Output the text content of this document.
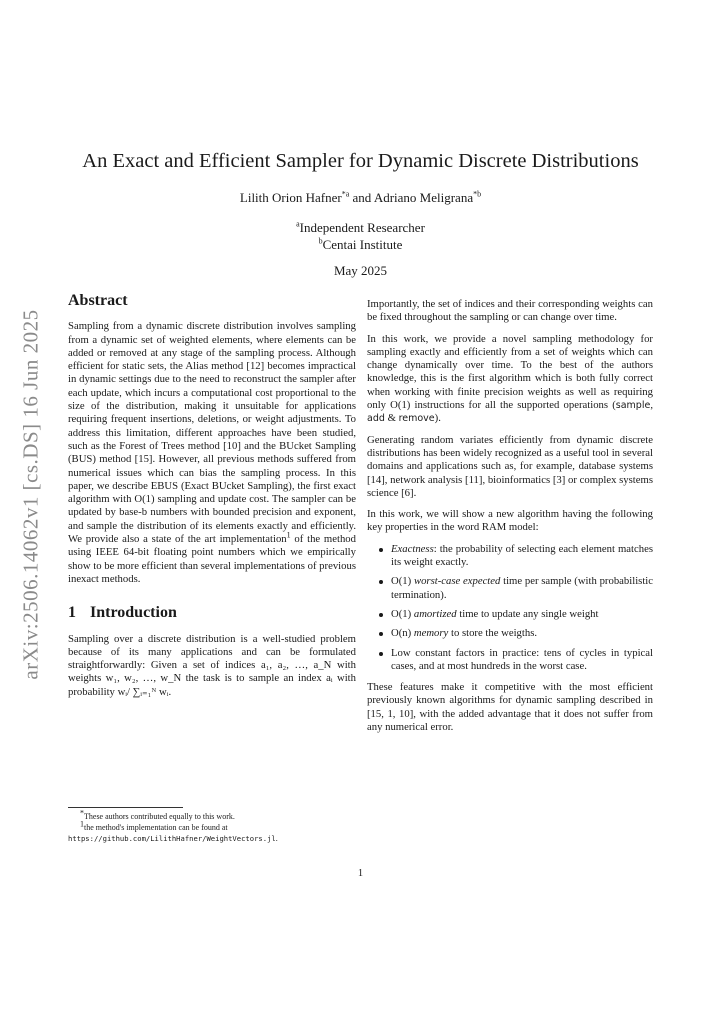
arXiv:2506.14062v1 [cs.DS] 16 Jun 2025
An Exact and Efficient Sampler for Dynamic Discrete Distributions
Lilith Orion Hafner$^{*a}$ and Adriano Meligrana$^{*b}$
$^a$Independent Researcher
$^b$Centai Institute
May 2025
Abstract

Sampling from a dynamic discrete distribution involves sampling from a dynamic set of weighted elements, where elements can be added or removed at any stage of the sampling process. Although efficient for static sets, the Alias method [12] becomes impractical in dynamic settings due to the need to reconstruct the sampler after each update, which incurs a computational cost proportional to the size of the distribution, making it unsuitable for applications requiring frequent insertions, deletions, or weight adjustments. To address this limitation, different approaches have been studied, such as the Forest of Trees method [10] and the BUcket Sampling (BUS) method [15]. However, all previous methods suffered from numerical issues which can bias the sampling process. In this paper, we describe EBUS (Exact BUcket Sampling), the first exact algorithm with O(1) sampling and update cost. The sampler can be updated by base-b numbers with bounded precision and exponent, and sample the distribution of its elements exactly and efficiently. We provide also a state of the art implementation$^1$ of the method using IEEE 64-bit floating point numbers which we empirically show to be more efficient than several implementations of previous inexact methods.

1 Introduction

Sampling over a discrete distribution is a well-studied problem because of its many applications and can be formulated straightforwardly: Given a set of indices a₁, a₂, …, a_N with weights w₁, w₂, …, w_N the task is to sample an index aᵢ with probability wᵢ/ ∑ᵢ₌₁ᴺ wᵢ.

Importantly, the set of indices and their corresponding weights can be fixed throughout the sampling or can change over time.

In this work, we provide a novel sampling methodology for sampling exactly and efficiently from a set of weights which can change dynamically over time. To the best of the authors knowledge, this is the first algorithm which is both fully correct when working with finite precision weights as well as requiring only O(1) instructions for all the supported operations (sample, add & remove).

Generating random variates efficiently from dynamic discrete distributions has been widely recognized as a useful tool in several domains and applications such as, for example, database systems [14], network analysis [11], bioinformatics [3] or complex systems science [6].

In this work, we will show a new algorithm having the following key properties in the word RAM model:

Exactness: the probability of selecting each element matches its weight exactly.
O(1) worst-case expected time per sample (with probabilistic termination).
O(1) amortized time to update any single weight
O(n) memory to store the weigths.
Low constant factors in practice: tens of cycles in typical cases, and at most hundreds in the worst case.

These features make it competitive with the most efficient previously known algorithms for dynamic sampling described in [15, 1, 10], with the added advantage that it does not suffer from any numerical error.

*These authors contributed equally to this work.
$^1$the method's implementation can be found at https://github.com/LilithHafner/WeightVectors.jl.
1
